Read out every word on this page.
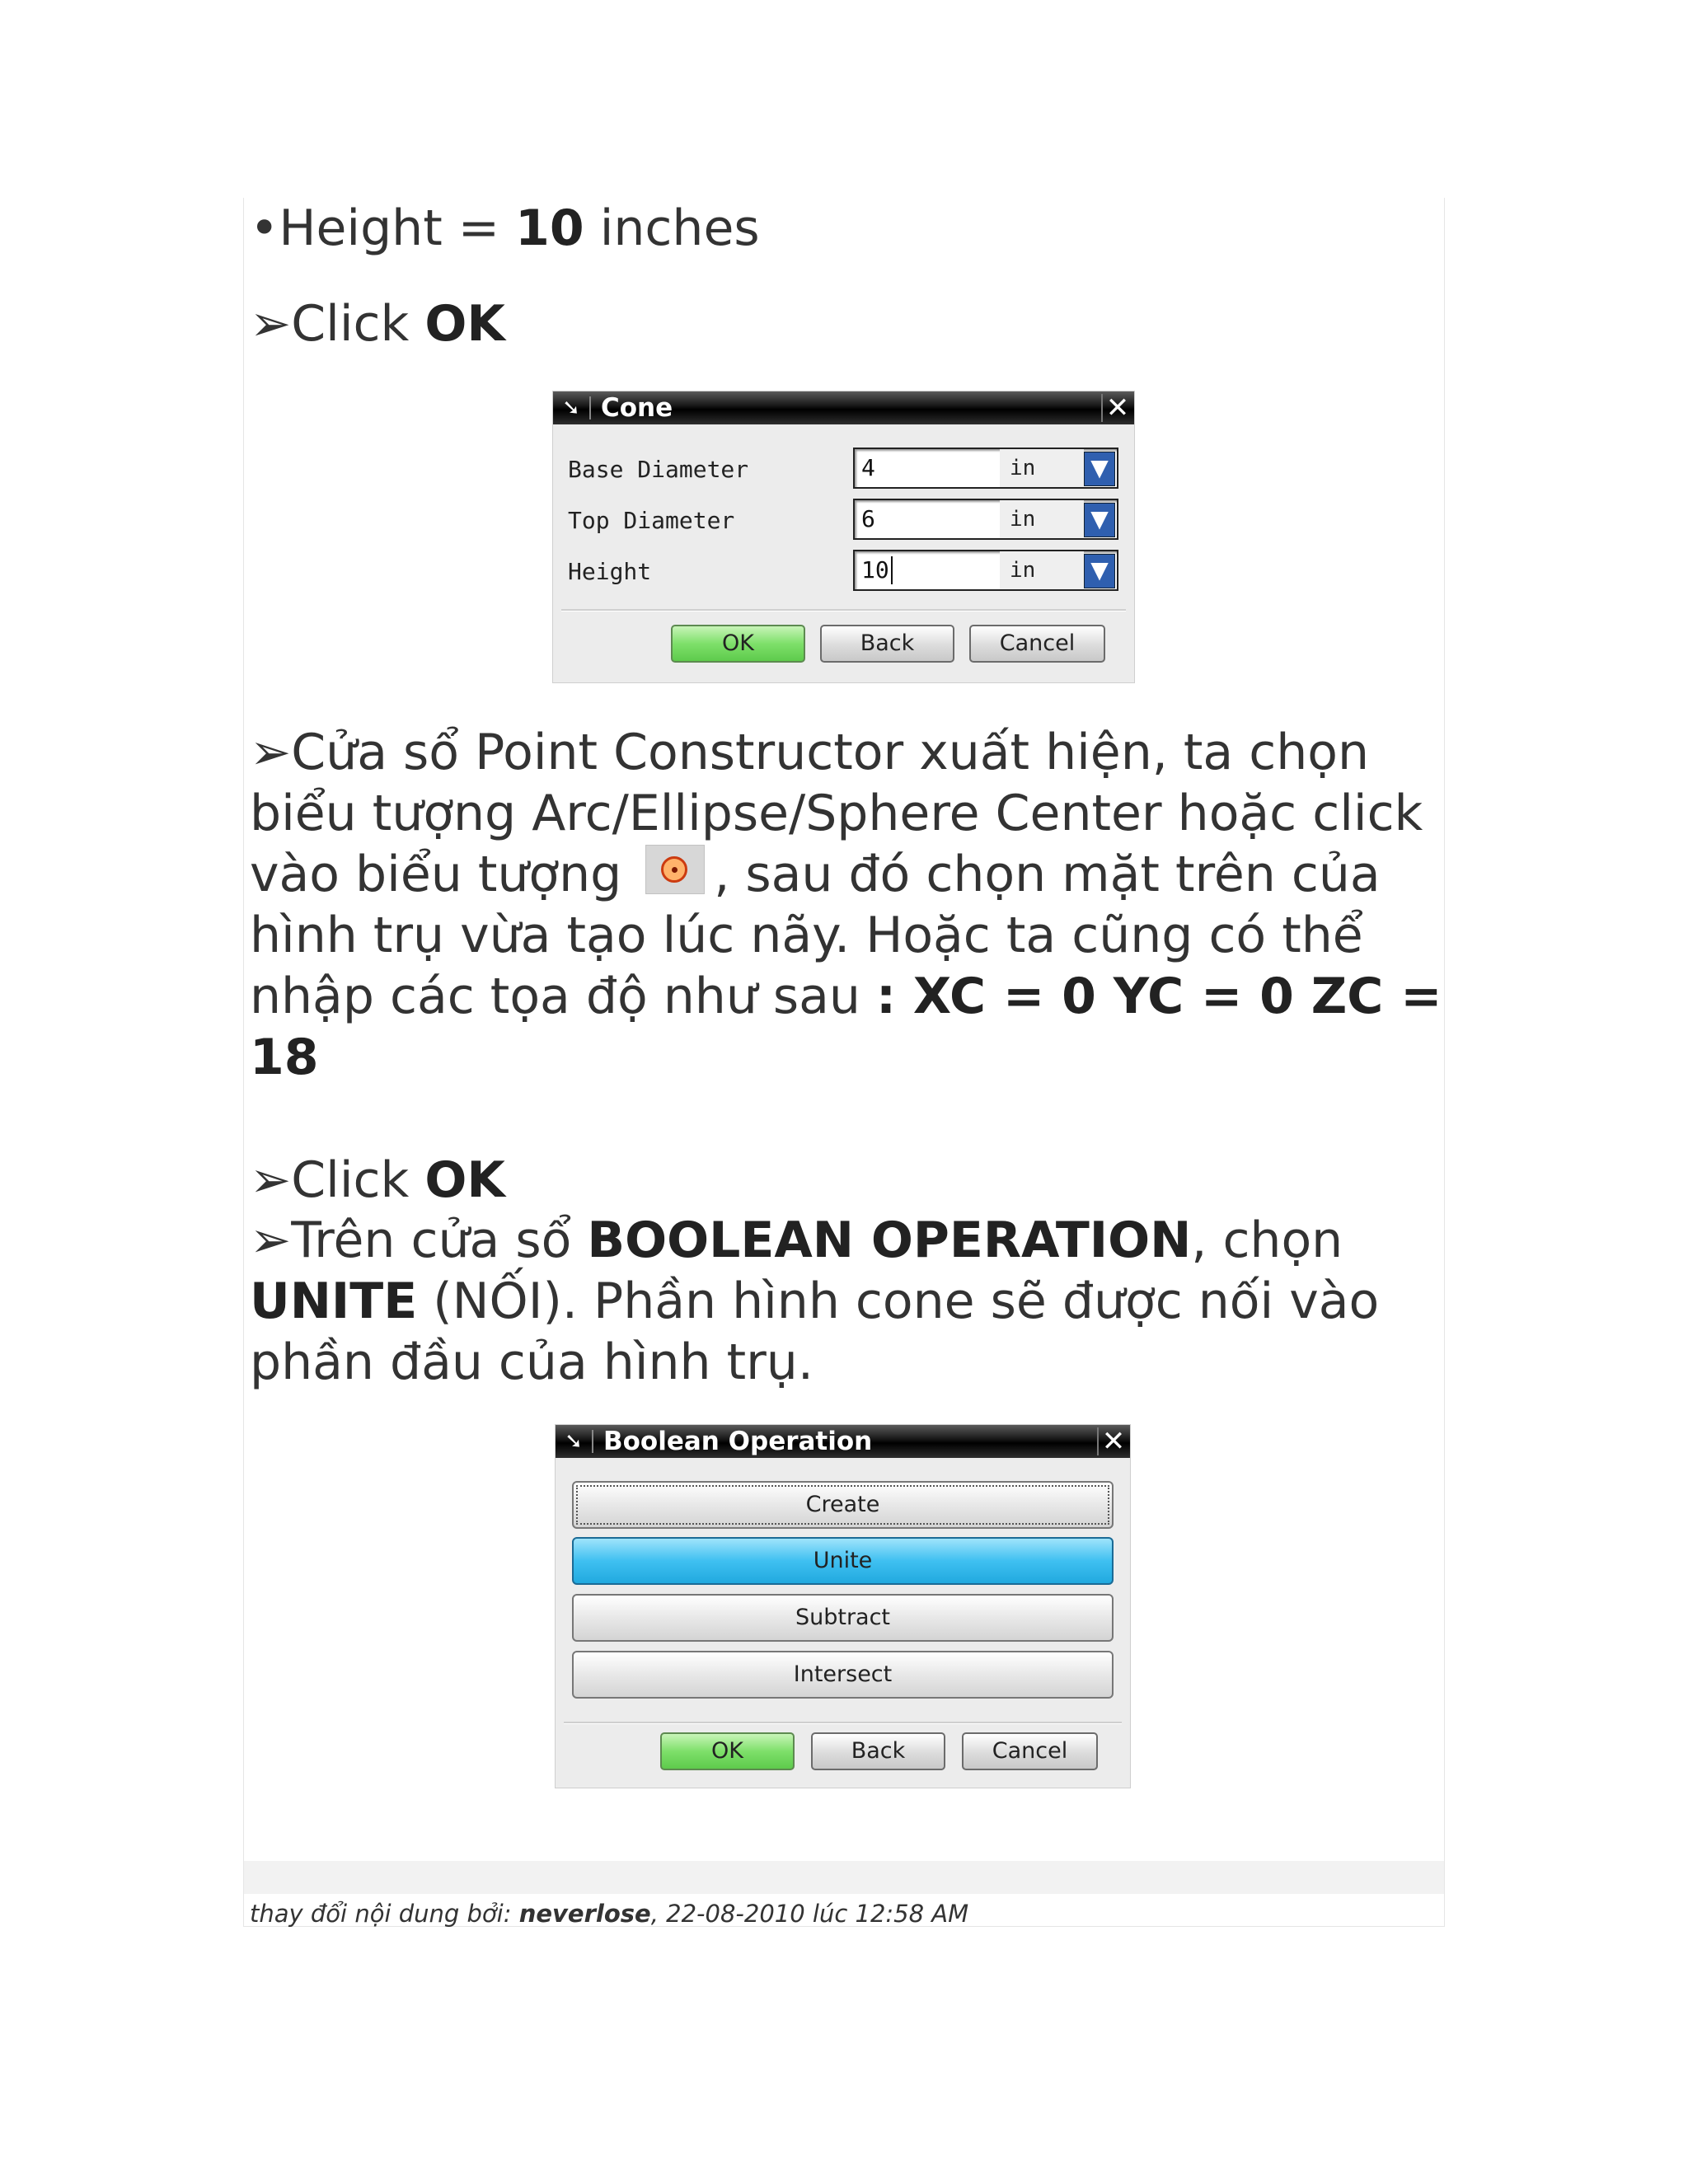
•Height = 10 inches
➢Click OK
➘ Cone	✕
Base Diameter	4	in ▼
Top Diameter	6	in ▼
Height	10	in ▼
OK	Back	Cancel
➢Cửa sổ Point Constructor xuất hiện, ta chọn biểu tượng Arc/Ellipse/Sphere Center hoặc click vào biểu tượng , sau đó chọn mặt trên của hình trụ vừa tạo lúc nãy. Hoặc ta cũng có thể nhập các tọa độ như sau : XC = 0 YC = 0 ZC = 18
➢Click OK
➢Trên cửa sổ BOOLEAN OPERATION, chọn UNITE (NỐI). Phần hình cone sẽ được nối vào phần đầu của hình trụ.
➘ Boolean Operation	✕
Create
Unite
Subtract
Intersect
OK	Back	Cancel
thay đổi nội dung bởi: neverlose, 22-08-2010 lúc 12:58 AM
